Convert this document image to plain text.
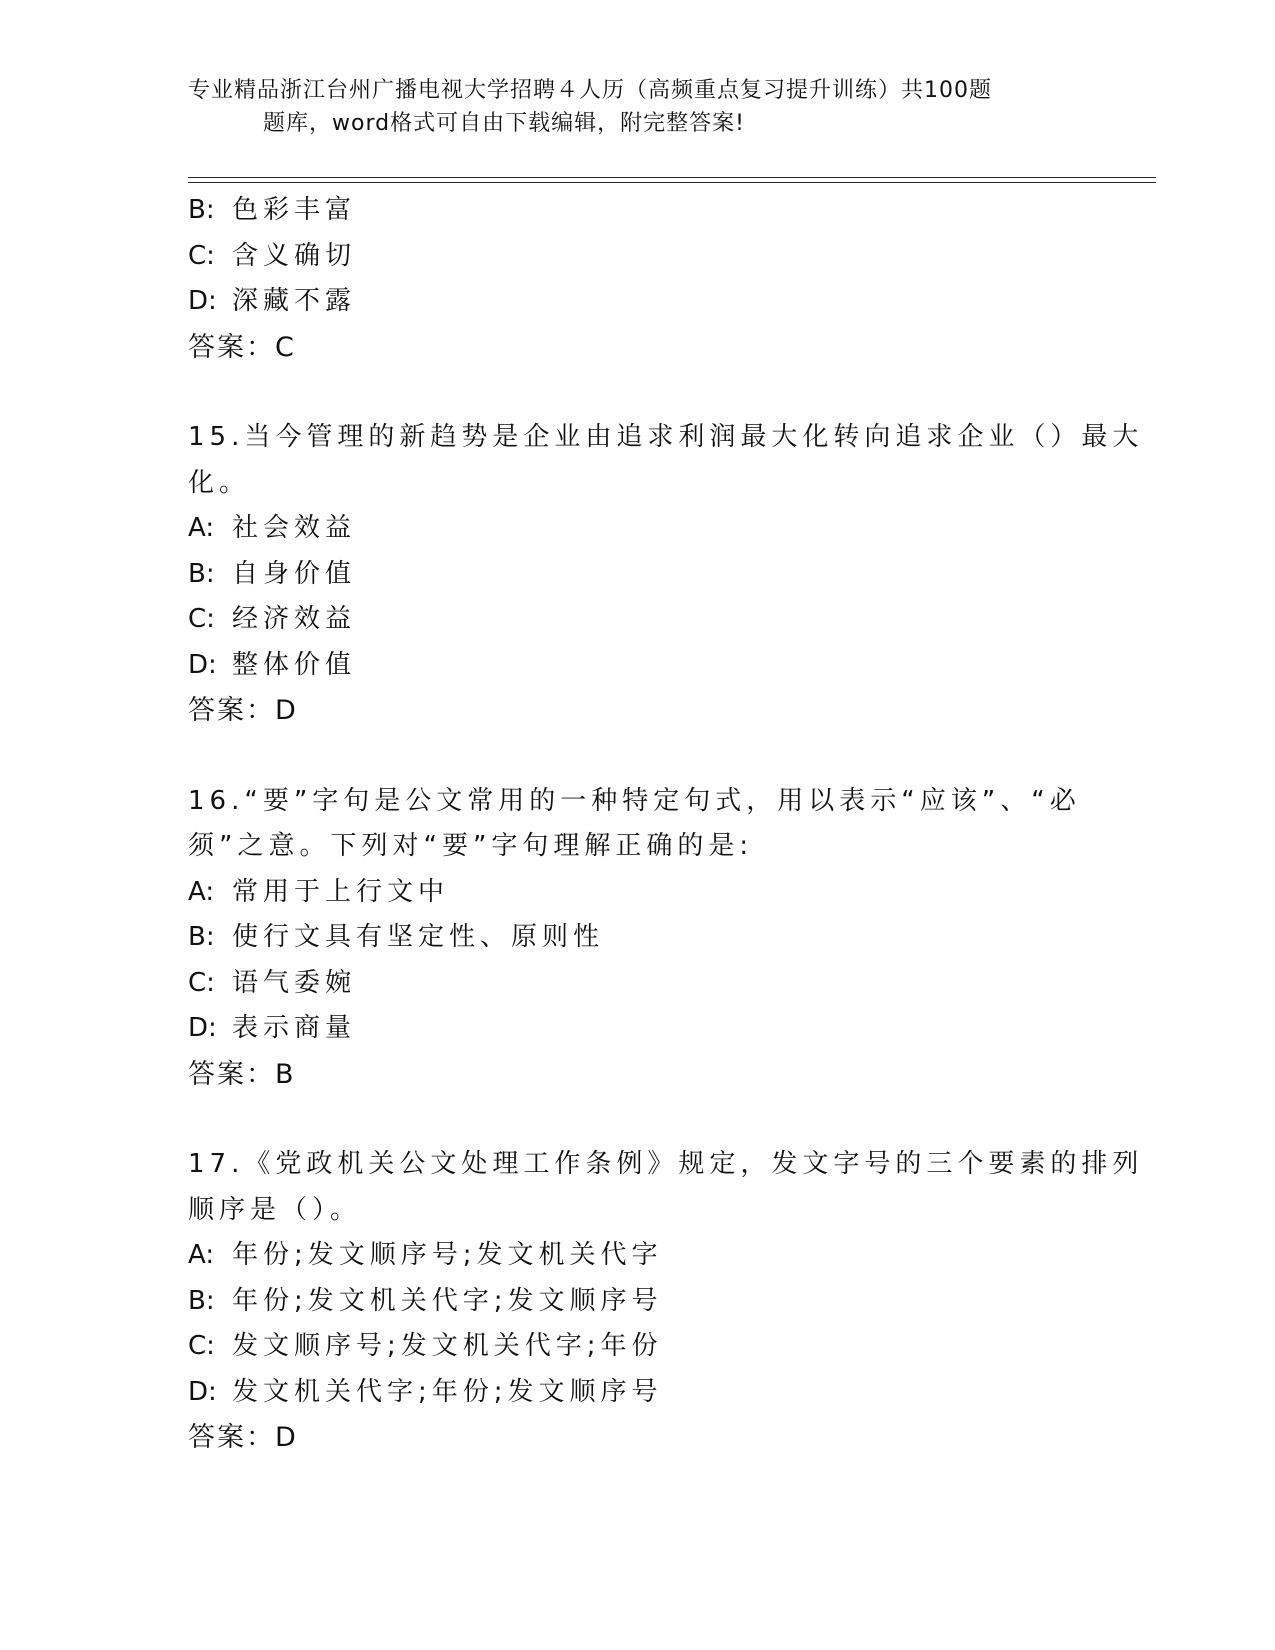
专业精品浙江台州广播电视大学招聘４人历（高频重点复习提升训练）共100题
题库，word格式可自由下载编辑，附完整答案!
B: 色彩丰富
C: 含义确切
D: 深藏不露
答案：C
15.当今管理的新趋势是企业由追求利润最大化转向追求企业（）最大
化。
A: 社会效益
B: 自身价值
C: 经济效益
D: 整体价值
答案：D
16.“要”字句是公文常用的一种特定句式，用以表示“应该”、“必
须”之意。下列对“要”字句理解正确的是:
A: 常用于上行文中
B: 使行文具有坚定性、原则性
C: 语气委婉
D: 表示商量
答案：B
17.《党政机关公文处理工作条例》规定，发文字号的三个要素的排列
顺序是（）。
A: 年份;发文顺序号;发文机关代字
B: 年份;发文机关代字;发文顺序号
C: 发文顺序号;发文机关代字;年份
D: 发文机关代字;年份;发文顺序号
答案：D
